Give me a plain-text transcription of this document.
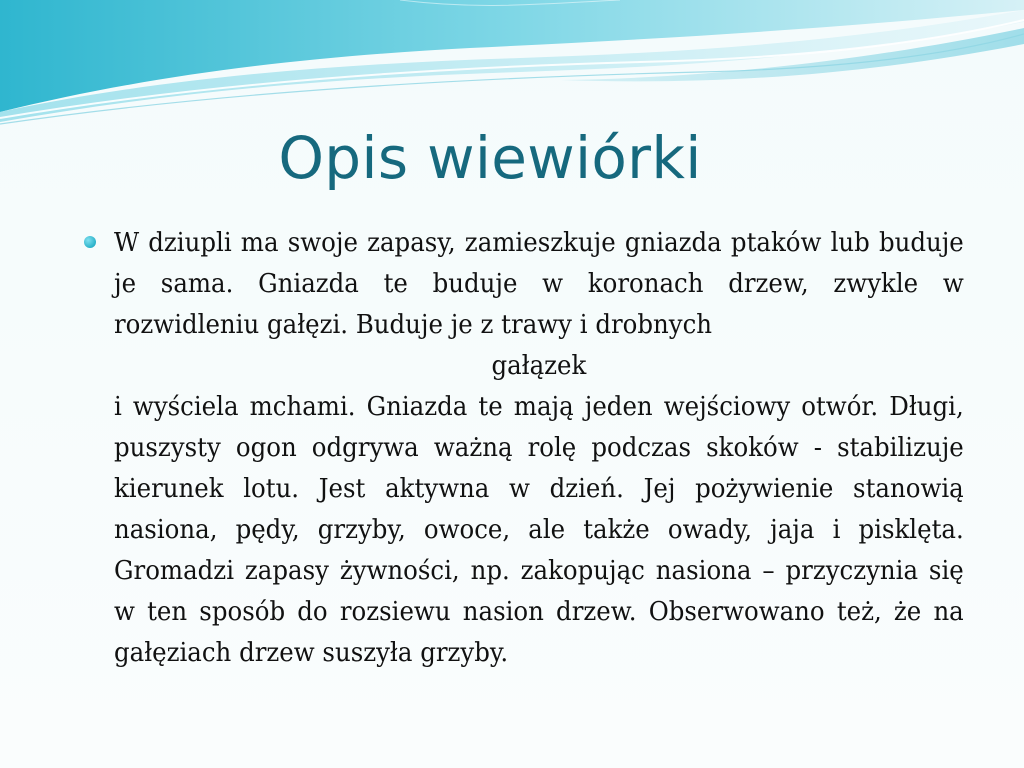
Opis wiewiórki

W dziupli ma swoje zapasy, zamieszkuje gniazda ptaków lub buduje je sama. Gniazda te buduje w koronach drzew, zwykle w rozwidleniu gałęzi. Buduje je z trawy i drobnych

gałązek

i wyściela mchami. Gniazda te mają jeden wejściowy otwór. Długi, puszysty ogon odgrywa ważną rolę podczas skoków - stabilizuje kierunek lotu. Jest aktywna w dzień. Jej pożywienie stanowią nasiona, pędy, grzyby, owoce, ale także owady, jaja i pisklęta. Gromadzi zapasy żywności, np. zakopując nasiona – przyczynia się w ten sposób do rozsiewu nasion drzew. Obserwowano też, że na gałęziach drzew suszyła grzyby.
